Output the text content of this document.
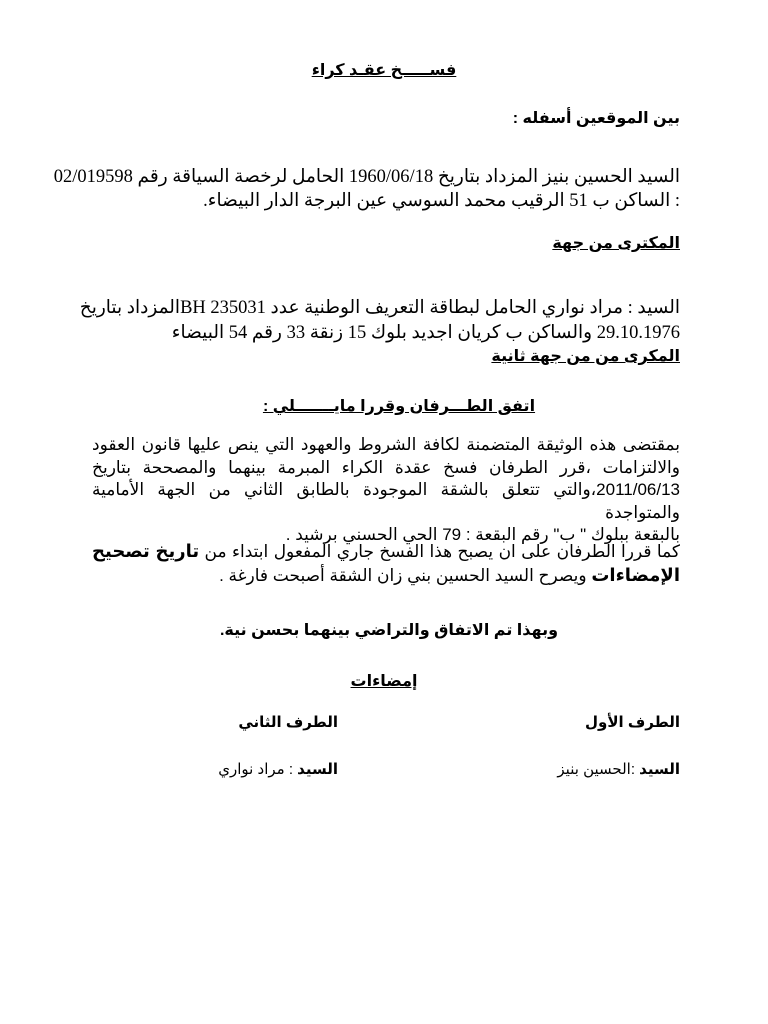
فســـــخ عقـد كراء
بين الموقعين أسفله :
السيد الحسين بنيز المزداد بتاريخ 1960/06/18 الحامل لرخصة السياقة رقم 02/019598
: الساكن ب 51 الرقيب محمد السوسي عين البرجة الدار البيضاء.
المكترى من جهة
السيد : مراد نواري الحامل لبطاقة التعريف الوطنية عدد BH 235031المزداد بتاريخ
29.10.1976 والساكن ب كريان اجديد بلوك 15 زنقة 33 رقم 54 البيضاء
المكرى من من جهة ثانية
اتفق الطـــرفان وقررا مايـــــــلي :
بمقتضى هذه الوثيقة المتضمنة لكافة الشروط والعهود التي ينص عليها قانون العقود
والالتزامات ،قرر الطرفان فسخ عقدة الكراء المبرمة بينهما والمصححة بتاريخ
2011/06/13،والتي تتعلق بالشقة الموجودة بالطابق الثاني من الجهة الأمامية والمتواجدة
بالبقعة ببلوك " ب" رقم البقعة : 79 الحي الحسني برشيد .
كما قررا الطرفان على ان يصبح هذا الفسخ جاري المفعول ابتداء من تاريخ تصحيح
الإمضاءات ويصرح السيد الحسين بني زان الشقة أصبحت فارغة .
وبهذا تم الاتفاق والتراضي بينهما بحسن نية.
إمضاءات
الطرف الأول
الطرف الثاني
السيد :الحسين بنيز
السيد : مراد نواري
